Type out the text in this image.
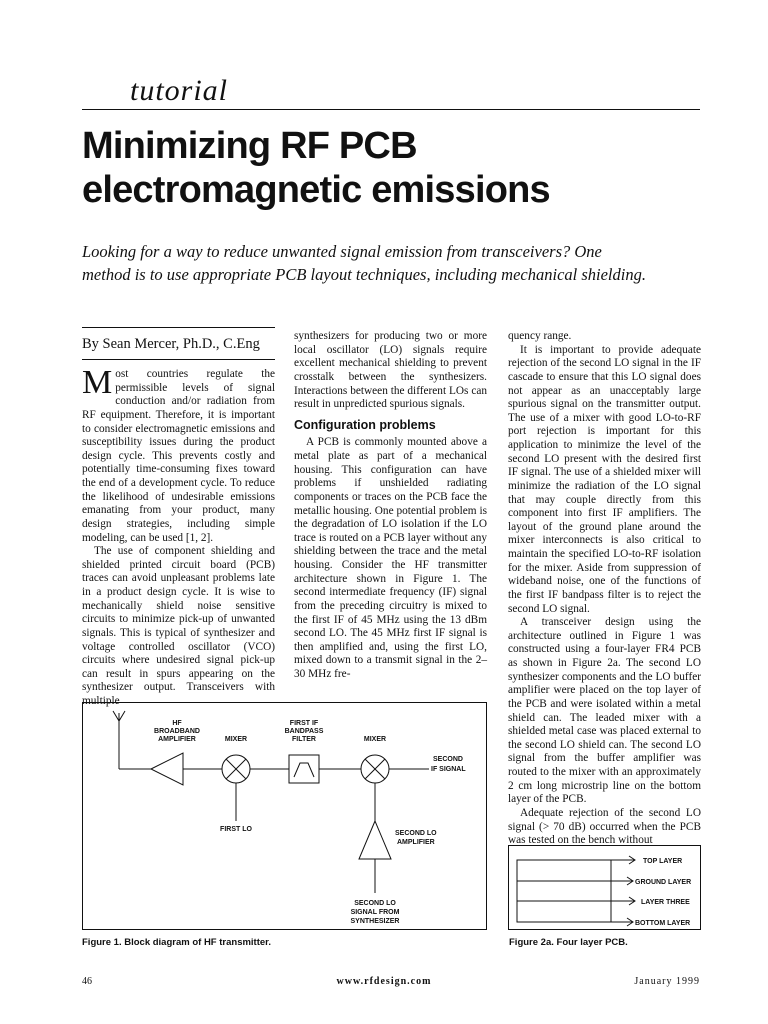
tutorial
Minimizing RF PCB
electromagnetic emissions
Looking for a way to reduce unwanted signal emission from transceivers? One
method is to use appropriate PCB layout techniques, including mechanical shielding.
By Sean Mercer, Ph.D., C.Eng

Most countries regulate the permissible levels of signal conduction and/or radiation from RF equipment. Therefore, it is important to consider electromagnetic emissions and susceptibility issues during the product design cycle. This prevents costly and potentially time-consuming fixes toward the end of a development cycle. To reduce the likelihood of undesirable emissions emanating from your product, many design strategies, including simple modeling, can be used [1, 2].

The use of component shielding and shielded printed circuit board (PCB) traces can avoid unpleasant problems late in a product design cycle. It is wise to mechanically shield noise sensitive circuits to minimize pick-up of unwanted signals. This is typical of synthesizer and voltage controlled oscillator (VCO) circuits where undesired signal pick-up can result in spurs appearing on the synthesizer output. Transceivers with multiple

synthesizers for producing two or more local oscillator (LO) signals require excellent mechanical shielding to prevent crosstalk between the synthesizers. Interactions between the different LOs can result in unpredicted spurious signals.

Configuration problems

A PCB is commonly mounted above a metal plate as part of a mechanical housing. This configuration can have problems if unshielded radiating components or traces on the PCB face the metallic housing. One potential problem is the degradation of LO isolation if the LO trace is routed on a PCB layer without any shielding between the trace and the metal housing. Consider the HF transmitter architecture shown in Figure 1. The second intermediate frequency (IF) signal from the preceding circuitry is mixed to the first IF of 45 MHz using the 13 dBm second LO. The 45 MHz first IF signal is then amplified and, using the first LO, mixed down to a transmit signal in the 2–30 MHz fre-

quency range.

It is important to provide adequate rejection of the second LO signal in the IF cascade to ensure that this LO signal does not appear as an unacceptably large spurious signal on the transmitter output. The use of a mixer with good LO-to-RF port rejection is important for this application to minimize the level of the second LO present with the desired first IF signal. The use of a shielded mixer will minimize the radiation of the LO signal that may couple directly from this component into first IF amplifiers. The layout of the ground plane around the mixer interconnects is also critical to maintain the specified LO-to-RF isolation for the mixer. Aside from suppression of wideband noise, one of the functions of the first IF bandpass filter is to reject the second LO signal.

A transceiver design using the architecture outlined in Figure 1 was constructed using a four-layer FR4 PCB as shown in Figure 2a. The second LO synthesizer components and the LO buffer amplifier were placed on the top layer of the PCB and were isolated within a metal shield can. The leaded mixer with a shielded metal case was placed external to the second LO shield can. The second LO signal from the buffer amplifier was routed to the mixer with an approximately 2 cm long microstrip line on the bottom layer of the PCB.

Adequate rejection of the second LO signal (> 70 dB) occurred when the PCB was tested on the bench without

HF
BROADBAND
AMPLIFIER	MIXER
FIRST IF
BANDPASS
FILTER	MIXER
SECOND
IF SIGNAL
FIRST LO
SECOND LO
AMPLIFIER
SECOND LO
SIGNAL FROM
SYNTHESIZER
Figure 1. Block diagram of HF transmitter.
TOP LAYER
GROUND LAYER
LAYER THREE
BOTTOM LAYER
Figure 2a. Four layer PCB.
46	www.rfdesign.com	January 1999
